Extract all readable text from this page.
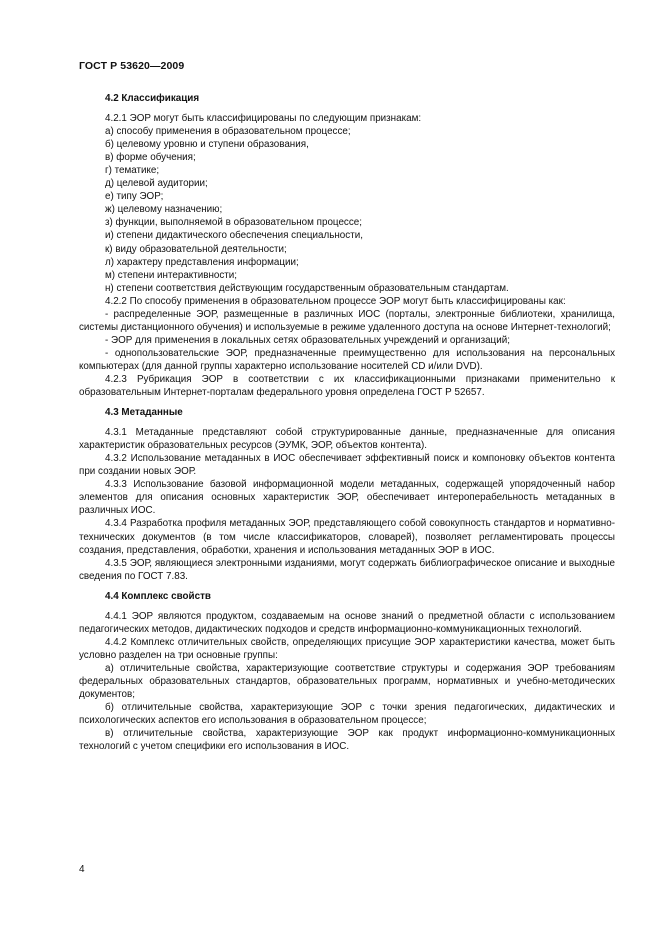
ГОСТ Р 53620—2009

4.2 Классификация

4.2.1 ЭОР могут быть классифицированы по следующим признакам:

а) способу применения в образовательном процессе;

б) целевому уровню и ступени образования,

в) форме обучения;

г) тематике;

д) целевой аудитории;

е) типу ЭОР;

ж) целевому назначению;

з) функции, выполняемой в образовательном процессе;

и) степени дидактического обеспечения специальности,

к) виду образовательной деятельности;

л) характеру представления информации;

м) степени интерактивности;

н) степени соответствия действующим государственным образовательным стандартам.

4.2.2 По способу применения в образовательном процессе ЭОР могут быть классифицированы как:

- распределенные ЭОР, размещенные в различных ИОС (порталы, электронные библиотеки, хранилища, системы дистанционного обучения) и используемые в режиме удаленного доступа на основе Интернет-технологий;

- ЭОР для применения в локальных сетях образовательных учреждений и организаций;

- однопользовательские ЭОР, предназначенные преимущественно для использования на персональных компьютерах (для данной группы характерно использование носителей CD и/или DVD).

4.2.3 Рубрикация ЭОР в соответствии с их классификационными признаками применительно к образовательным Интернет-порталам федерального уровня определена ГОСТ Р 52657.

4.3 Метаданные

4.3.1 Метаданные представляют собой структурированные данные, предназначенные для описания характеристик образовательных ресурсов (ЭУМК, ЭОР, объектов контента).

4.3.2 Использование метаданных в ИОС обеспечивает эффективный поиск и компоновку объектов контента при создании новых ЭОР.

4.3.3 Использование базовой информационной модели метаданных, содержащей упорядоченный набор элементов для описания основных характеристик ЭОР, обеспечивает интероперабельность метаданных в различных ИОС.

4.3.4 Разработка профиля метаданных ЭОР, представляющего собой совокупность стандартов и нормативно-технических документов (в том числе классификаторов, словарей), позволяет регламентировать процессы создания, представления, обработки, хранения и использования метаданных ЭОР в ИОС.

4.3.5 ЭОР, являющиеся электронными изданиями, могут содержать библиографическое описание и выходные сведения по ГОСТ 7.83.

4.4 Комплекс свойств

4.4.1 ЭОР являются продуктом, создаваемым на основе знаний о предметной области с использованием педагогических методов, дидактических подходов и средств информационно-коммуникационных технологий.

4.4.2 Комплекс отличительных свойств, определяющих присущие ЭОР характеристики качества, может быть условно разделен на три основные группы:

а) отличительные свойства, характеризующие соответствие структуры и содержания ЭОР требованиям федеральных образовательных стандартов, образовательных программ, нормативных и учебно-методических документов;

б) отличительные свойства, характеризующие ЭОР с точки зрения педагогических, дидактических и психологических аспектов его использования в образовательном процессе;

в) отличительные свойства, характеризующие ЭОР как продукт информационно-коммуникационных технологий с учетом специфики его использования в ИОС.

4
